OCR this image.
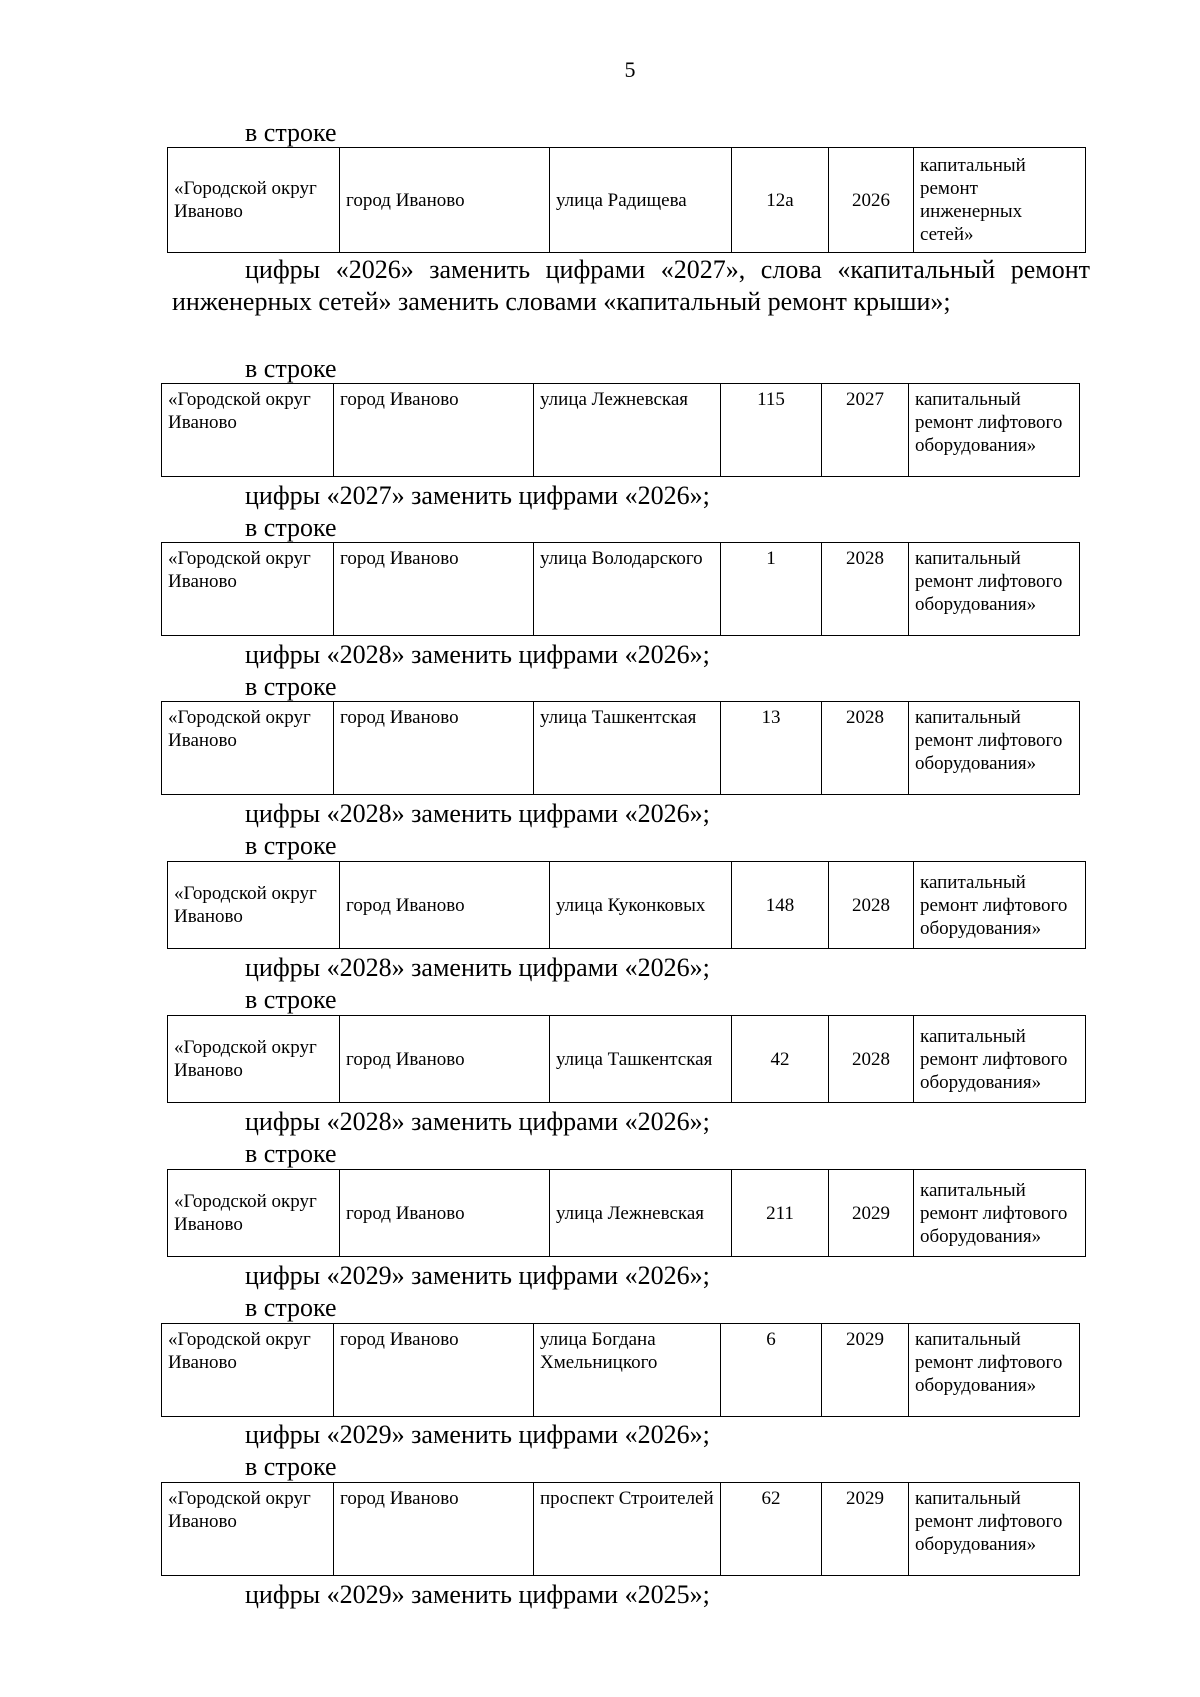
5
в строке
«Городской округ Иваново	город Иваново	улица Радищева	12а	2026	капитальный ремонт инженерных сетей»
цифры «2026» заменить цифрами «2027», слова «капитальный ремонт инженерных сетей» заменить словами «капитальный ремонт крыши»;
в строке
«Городской округ Иваново	город Иваново	улица Лежневская	115	2027	капитальный ремонт лифтового оборудования»
цифры «2027» заменить цифрами «2026»;
в строке
«Городской округ Иваново	город Иваново	улица Володарского	1	2028	капитальный ремонт лифтового оборудования»
цифры «2028» заменить цифрами «2026»;
в строке
«Городской округ Иваново	город Иваново	улица Ташкентская	13	2028	капитальный ремонт лифтового оборудования»
цифры «2028» заменить цифрами «2026»;
в строке
«Городской округ Иваново	город Иваново	улица Куконковых	148	2028	капитальный ремонт лифтового оборудования»
цифры «2028» заменить цифрами «2026»;
в строке
«Городской округ Иваново	город Иваново	улица Ташкентская	42	2028	капитальный ремонт лифтового оборудования»
цифры «2028» заменить цифрами «2026»;
в строке
«Городской округ Иваново	город Иваново	улица Лежневская	211	2029	капитальный ремонт лифтового оборудования»
цифры «2029» заменить цифрами «2026»;
в строке
«Городской округ Иваново	город Иваново	улица Богдана Хмельницкого	6	2029	капитальный ремонт лифтового оборудования»
цифры «2029» заменить цифрами «2026»;
в строке
«Городской округ Иваново	город Иваново	проспект Строителей	62	2029	капитальный ремонт лифтового оборудования»
цифры «2029» заменить цифрами «2025»;
